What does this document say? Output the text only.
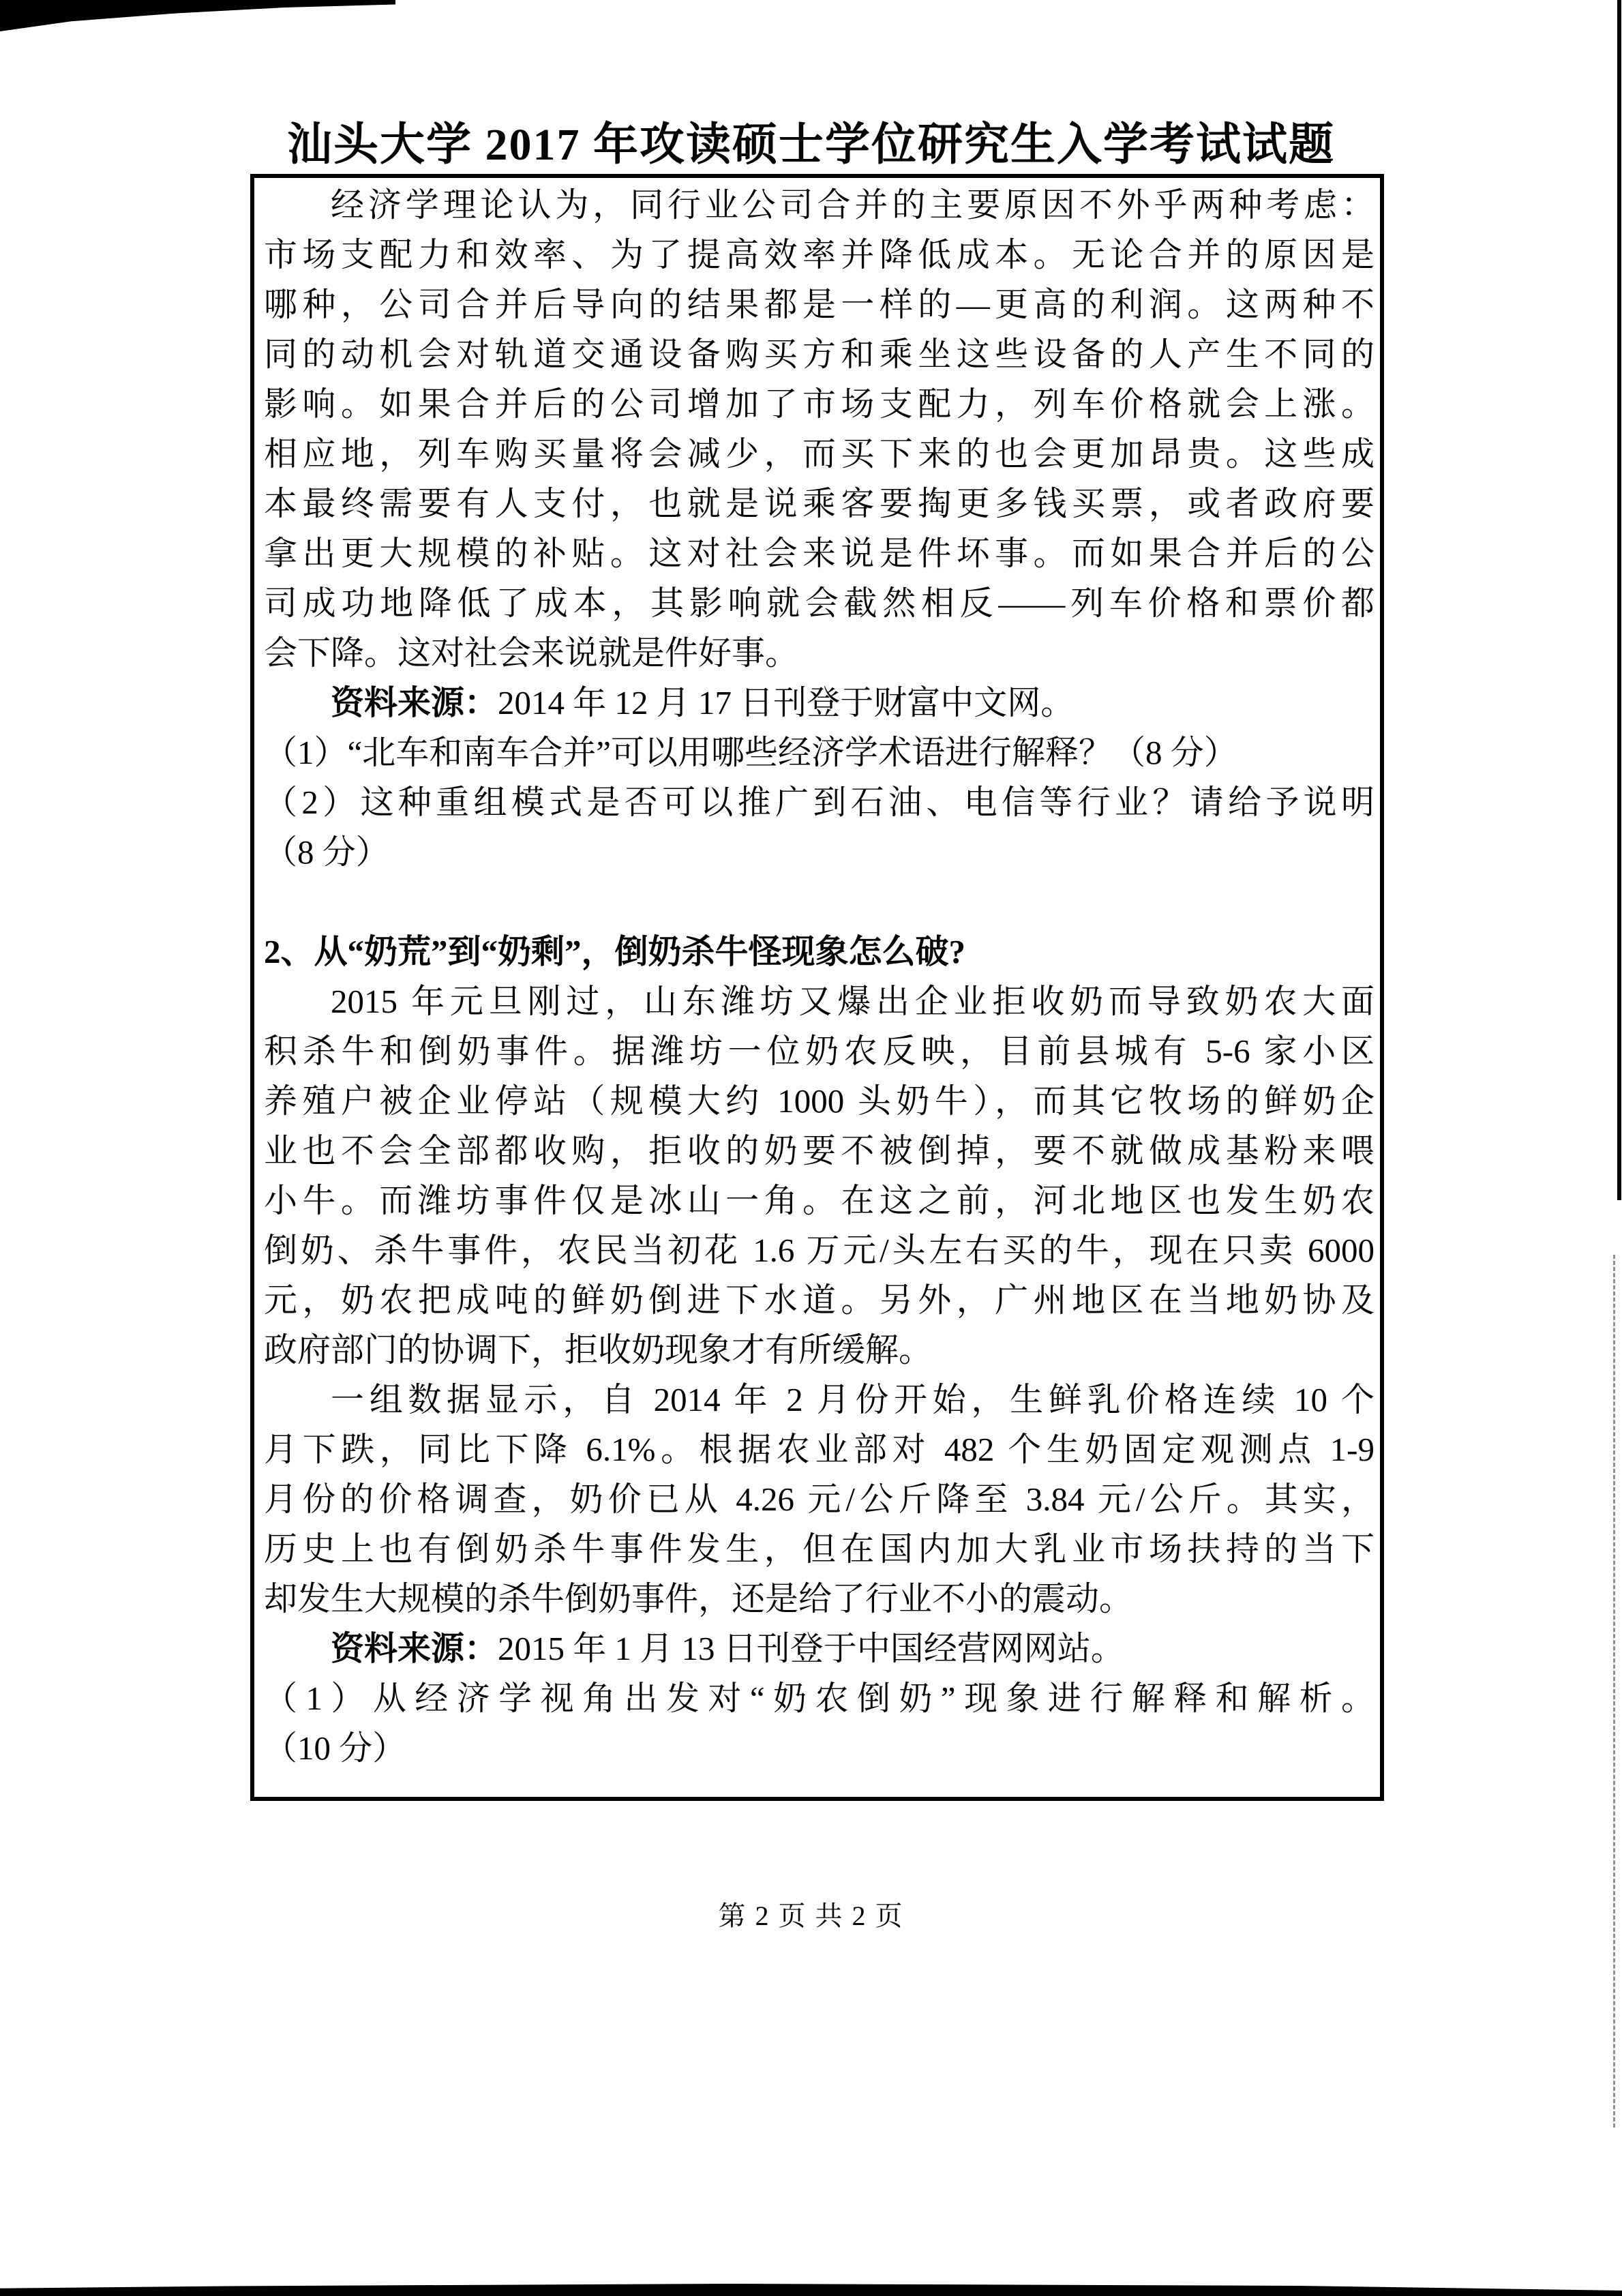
汕头大学 2017 年攻读硕士学位研究生入学考试试题
经济学理论认为，同行业公司合并的主要原因不外乎两种考虑：
市场支配力和效率、为了提高效率并降低成本。无论合并的原因是
哪种，公司合并后导向的结果都是一样的—更高的利润。这两种不
同的动机会对轨道交通设备购买方和乘坐这些设备的人产生不同的
影响。如果合并后的公司增加了市场支配力，列车价格就会上涨。
相应地，列车购买量将会减少，而买下来的也会更加昂贵。这些成
本最终需要有人支付，也就是说乘客要掏更多钱买票，或者政府要
拿出更大规模的补贴。这对社会来说是件坏事。而如果合并后的公
司成功地降低了成本，其影响就会截然相反——列车价格和票价都
会下降。这对社会来说就是件好事。
资料来源：2014 年 12 月 17 日刊登于财富中文网。
（1）“北车和南车合并”可以用哪些经济学术语进行解释？（8 分）
（2）这种重组模式是否可以推广到石油、电信等行业？请给予说明
（8 分）
2、从“奶荒”到“奶剩”，倒奶杀牛怪现象怎么破?
2015 年元旦刚过，山东潍坊又爆出企业拒收奶而导致奶农大面
积杀牛和倒奶事件。据潍坊一位奶农反映，目前县城有 5-6 家小区
养殖户被企业停站（规模大约 1000 头奶牛），而其它牧场的鲜奶企
业也不会全部都收购，拒收的奶要不被倒掉，要不就做成基粉来喂
小牛。而潍坊事件仅是冰山一角。在这之前，河北地区也发生奶农
倒奶、杀牛事件，农民当初花 1.6 万元/头左右买的牛，现在只卖 6000
元，奶农把成吨的鲜奶倒进下水道。另外，广州地区在当地奶协及
政府部门的协调下，拒收奶现象才有所缓解。
一组数据显示，自 2014 年 2 月份开始，生鲜乳价格连续 10 个
月下跌，同比下降 6.1%。根据农业部对 482 个生奶固定观测点 1-9
月份的价格调查，奶价已从 4.26 元/公斤降至 3.84 元/公斤。其实，
历史上也有倒奶杀牛事件发生，但在国内加大乳业市场扶持的当下
却发生大规模的杀牛倒奶事件，还是给了行业不小的震动。
资料来源：2015 年 1 月 13 日刊登于中国经营网网站。
（1）从经济学视角出发对“奶农倒奶”现象进行解释和解析。
（10 分）
第 2 页 共 2 页
